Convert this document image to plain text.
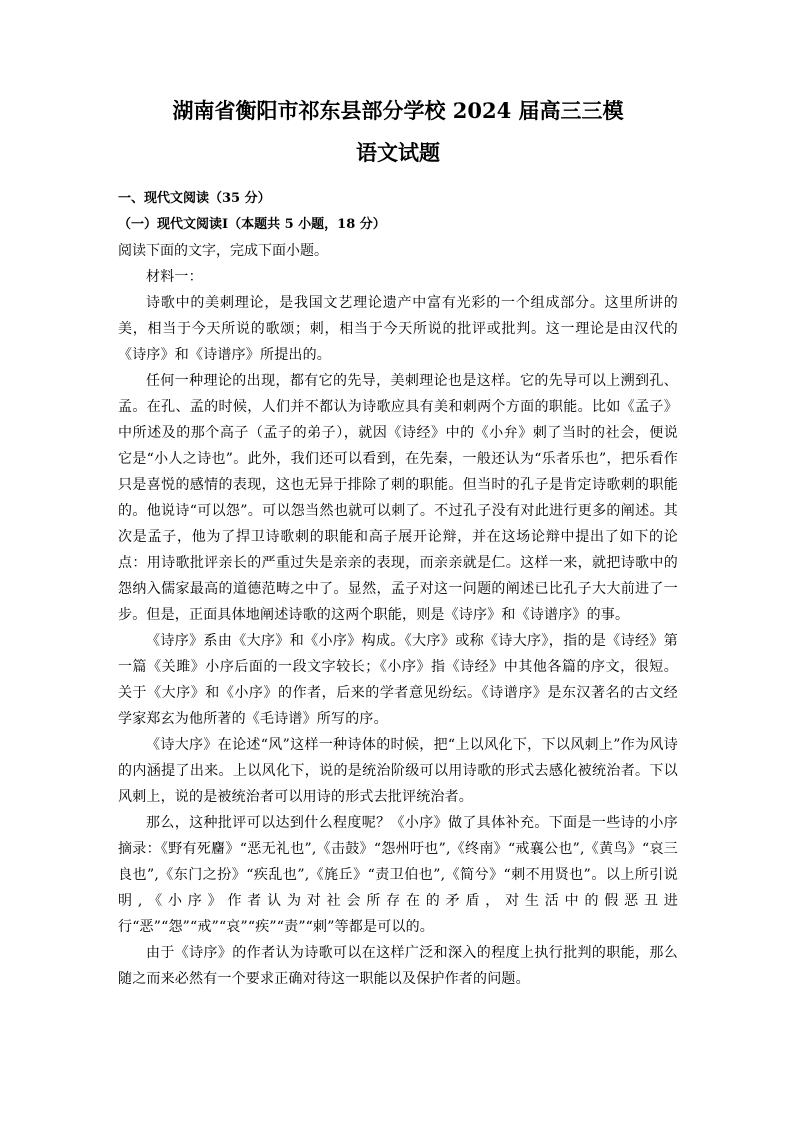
湖南省衡阳市祁东县部分学校 2024 届高三三模
语文试题

一、现代文阅读（35 分）

（一）现代文阅读Ⅰ（本题共 5 小题，18 分）

阅读下面的文字，完成下面小题。

材料一：

诗歌中的美刺理论，是我国文艺理论遗产中富有光彩的一个组成部分。这里所讲的美，相当于今天所说的歌颂；刺，相当于今天所说的批评或批判。这一理论是由汉代的《诗序》和《诗谱序》所提出的。

任何一种理论的出现，都有它的先导，美刺理论也是这样。它的先导可以上溯到孔、孟。在孔、孟的时候，人们并不都认为诗歌应具有美和刺两个方面的职能。比如《孟子》中所述及的那个高子（孟子的弟子），就因《诗经》中的《小弁》刺了当时的社会，便说它是“小人之诗也”。此外，我们还可以看到，在先秦，一般还认为“乐者乐也”，把乐看作只是喜悦的感情的表现，这也无异于排除了刺的职能。但当时的孔子是肯定诗歌刺的职能的。他说诗“可以怨”。可以怨当然也就可以刺了。不过孔子没有对此进行更多的阐述。其次是孟子，他为了捍卫诗歌刺的职能和高子展开论辩，并在这场论辩中提出了如下的论点：用诗歌批评亲长的严重过失是亲亲的表现，而亲亲就是仁。这样一来，就把诗歌中的怨纳入儒家最高的道德范畴之中了。显然，孟子对这一问题的阐述已比孔子大大前进了一步。但是，正面具体地阐述诗歌的这两个职能，则是《诗序》和《诗谱序》的事。

《诗序》系由《大序》和《小序》构成。《大序》或称《诗大序》，指的是《诗经》第一篇《关雎》小序后面的一段文字较长；《小序》指《诗经》中其他各篇的序文，很短。关于《大序》和《小序》的作者，后来的学者意见纷纭。《诗谱序》是东汉著名的古文经学家郑玄为他所著的《毛诗谱》所写的序。

《诗大序》在论述“风”这样一种诗体的时候，把“上以风化下，下以风刺上”作为风诗的内涵提了出来。上以风化下，说的是统治阶级可以用诗歌的形式去感化被统治者。下以风刺上，说的是被统治者可以用诗的形式去批评统治者。

那么，这种批评可以达到什么程度呢？《小序》做了具体补充。下面是一些诗的小序摘录：《野有死麕》“恶无礼也”,《击鼓》“怨州吁也”,《终南》“戒襄公也”,《黄鸟》“哀三良也”,《东门之扮》“疾乱也”,《旄丘》“责卫伯也”,《简兮》“刺不用贤也”。以上所引说明,《小序》作者认为对社会所存在的矛盾，对生活中的假恶丑进行“恶”“怨”“戒”“哀”“疾”“责”“刺”等都是可以的。

由于《诗序》的作者认为诗歌可以在这样广泛和深入的程度上执行批判的职能，那么随之而来必然有一个要求正确对待这一职能以及保护作者的问题。
